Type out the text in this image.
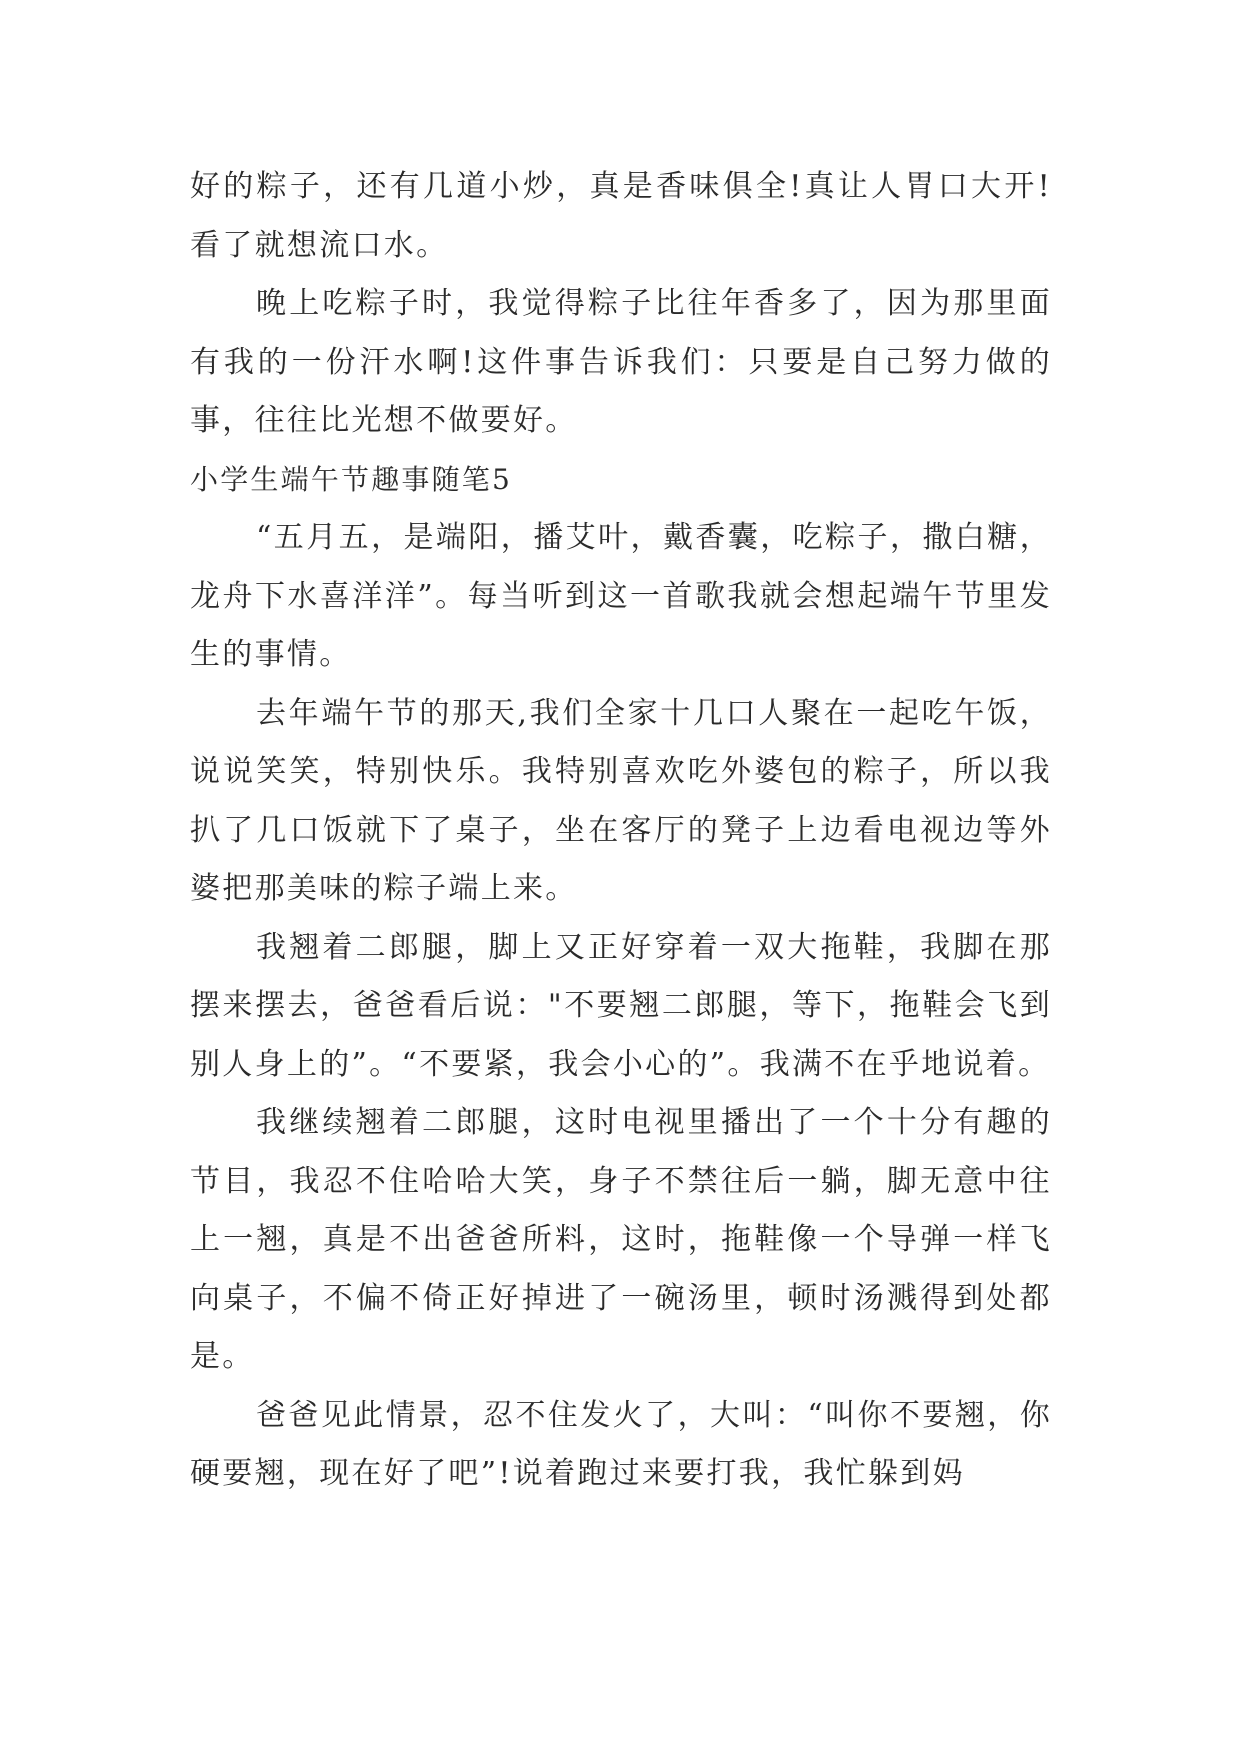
好的粽子，还有几道小炒，真是香味俱全!真让人胃口大开!看了就想流口水。

晚上吃粽子时，我觉得粽子比往年香多了，因为那里面有我的一份汗水啊!这件事告诉我们：只要是自己努力做的事，往往比光想不做要好。

小学生端午节趣事随笔5

“五月五，是端阳，播艾叶，戴香囊，吃粽子，撒白糖，龙舟下水喜洋洋”。每当听到这一首歌我就会想起端午节里发生的事情。

去年端午节的那天,我们全家十几口人聚在一起吃午饭，说说笑笑，特别快乐。我特别喜欢吃外婆包的粽子，所以我扒了几口饭就下了桌子，坐在客厅的凳子上边看电视边等外婆把那美味的粽子端上来。

我翘着二郎腿，脚上又正好穿着一双大拖鞋，我脚在那摆来摆去，爸爸看后说："不要翘二郎腿，等下，拖鞋会飞到别人身上的”。“不要紧，我会小心的”。我满不在乎地说着。

我继续翘着二郎腿，这时电视里播出了一个十分有趣的节目，我忍不住哈哈大笑，身子不禁往后一躺，脚无意中往上一翘，真是不出爸爸所料，这时，拖鞋像一个导弹一样飞向桌子，不偏不倚正好掉进了一碗汤里，顿时汤溅得到处都是。

爸爸见此情景，忍不住发火了，大叫：“叫你不要翘，你硬要翘，现在好了吧”!说着跑过来要打我，我忙躲到妈
